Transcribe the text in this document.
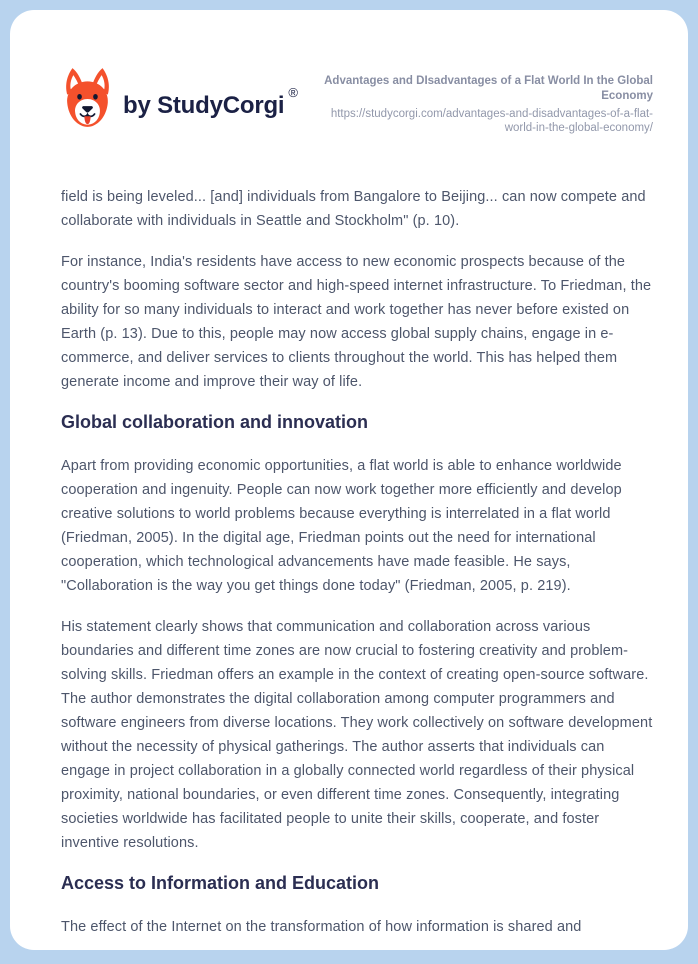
by StudyCorgi ®
Advantages and DIsadvantages of a Flat World In the Global Economy
https://studycorgi.com/advantages-and-disadvantages-of-a-flat-world-in-the-global-economy/

field is being leveled... [and] individuals from Bangalore to Beijing... can now compete and collaborate with individuals in Seattle and Stockholm" (p. 10).

For instance, India's residents have access to new economic prospects because of the country's booming software sector and high-speed internet infrastructure. To Friedman, the ability for so many individuals to interact and work together has never before existed on Earth (p. 13). Due to this, people may now access global supply chains, engage in e-commerce, and deliver services to clients throughout the world. This has helped them generate income and improve their way of life.

Global collaboration and innovation

Apart from providing economic opportunities, a flat world is able to enhance worldwide cooperation and ingenuity. People can now work together more efficiently and develop creative solutions to world problems because everything is interrelated in a flat world (Friedman, 2005). In the digital age, Friedman points out the need for international cooperation, which technological advancements have made feasible. He says, "Collaboration is the way you get things done today" (Friedman, 2005, p. 219).

His statement clearly shows that communication and collaboration across various boundaries and different time zones are now crucial to fostering creativity and problem-solving skills. Friedman offers an example in the context of creating open-source software. The author demonstrates the digital collaboration among computer programmers and software engineers from diverse locations. They work collectively on software development without the necessity of physical gatherings. The author asserts that individuals can engage in project collaboration in a globally connected world regardless of their physical proximity, national boundaries, or even different time zones. Consequently, integrating societies worldwide has facilitated people to unite their skills, cooperate, and foster inventive resolutions.

Access to Information and Education

The effect of the Internet on the transformation of how information is shared and
